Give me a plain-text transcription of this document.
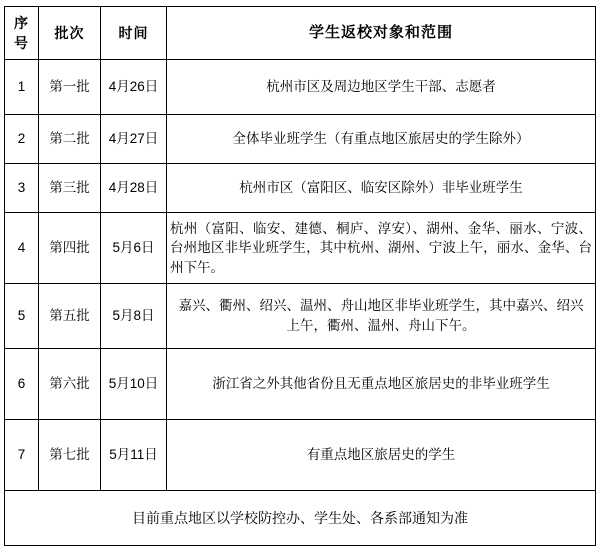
序号	批次	时间	学生返校对象和范围
1	第一批	4月26日	杭州市区及周边地区学生干部、志愿者
2	第二批	4月27日	全体毕业班学生（有重点地区旅居史的学生除外）
3	第三批	4月28日	杭州市区（富阳区、临安区除外）非毕业班学生
4	第四批	5月6日	杭州（富阳、临安、建德、桐庐、淳安）、湖州、金华、丽水、宁波、台州地区非毕业班学生，其中杭州、湖州、宁波上午，丽水、金华、台州下午。
5	第五批	5月8日	嘉兴、衢州、绍兴、温州、舟山地区非毕业班学生，其中嘉兴、绍兴上午，衢州、温州、舟山下午。
6	第六批	5月10日	浙江省之外其他省份且无重点地区旅居史的非毕业班学生
7	第七批	5月11日	有重点地区旅居史的学生
目前重点地区以学校防控办、学生处、各系部通知为准			
